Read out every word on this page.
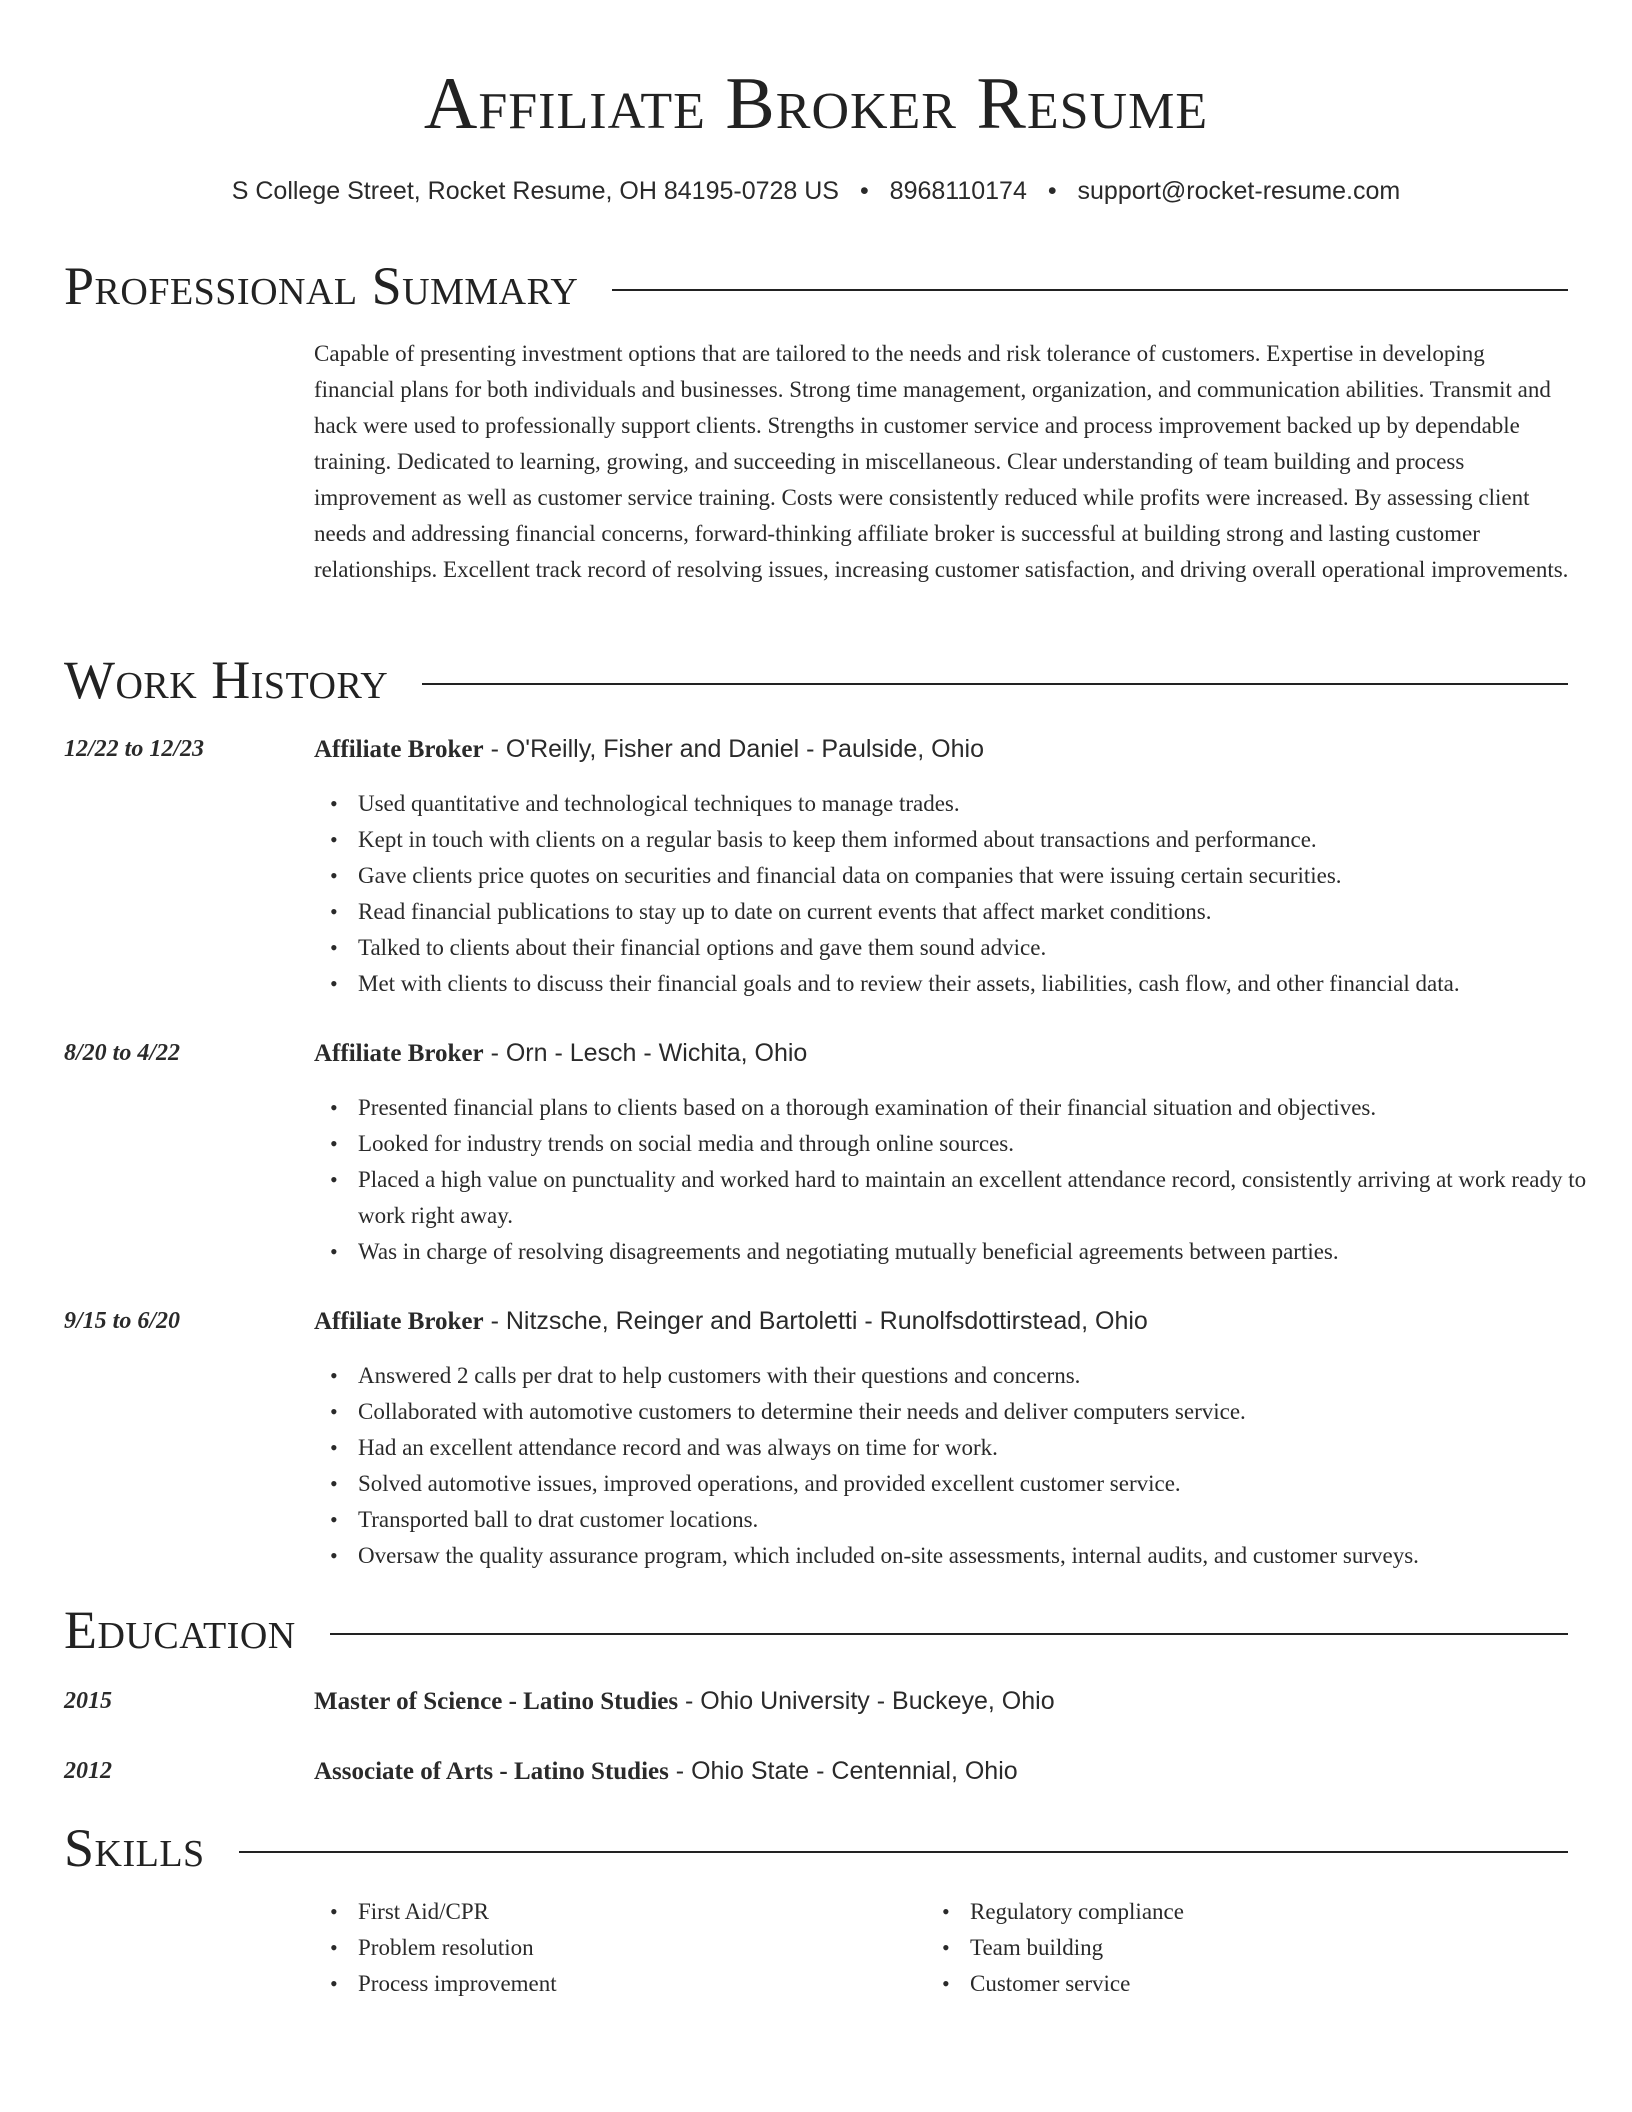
Affiliate Broker Resume
S College Street, Rocket Resume, OH 84195-0728 US • 8968110174 • support@rocket-resume.com
Professional Summary

Capable of presenting investment options that are tailored to the needs and risk tolerance of customers. Expertise in developing financial plans for both individuals and businesses. Strong time management, organization, and communication abilities. Transmit and hack were used to professionally support clients. Strengths in customer service and process improvement backed up by dependable training. Dedicated to learning, growing, and succeeding in miscellaneous. Clear understanding of team building and process improvement as well as customer service training. Costs were consistently reduced while profits were increased. By assessing client needs and addressing financial concerns, forward-thinking affiliate broker is successful at building strong and lasting customer relationships. Excellent track record of resolving issues, increasing customer satisfaction, and driving overall operational improvements.

Work History
12/22 to 12/23	Affiliate Broker - O'Reilly, Fisher and Daniel - Paulside, Ohio
• Used quantitative and technological techniques to manage trades.
• Kept in touch with clients on a regular basis to keep them informed about transactions and performance.
• Gave clients price quotes on securities and financial data on companies that were issuing certain securities.
• Read financial publications to stay up to date on current events that affect market conditions.
• Talked to clients about their financial options and gave them sound advice.
• Met with clients to discuss their financial goals and to review their assets, liabilities, cash flow, and other financial data.
8/20 to 4/22	Affiliate Broker - Orn - Lesch - Wichita, Ohio
• Presented financial plans to clients based on a thorough examination of their financial situation and objectives.
• Looked for industry trends on social media and through online sources.
• Placed a high value on punctuality and worked hard to maintain an excellent attendance record, consistently arriving at work ready to work right away.
• Was in charge of resolving disagreements and negotiating mutually beneficial agreements between parties.
9/15 to 6/20	Affiliate Broker - Nitzsche, Reinger and Bartoletti - Runolfsdottirstead, Ohio
• Answered 2 calls per drat to help customers with their questions and concerns.
• Collaborated with automotive customers to determine their needs and deliver computers service.
• Had an excellent attendance record and was always on time for work.
• Solved automotive issues, improved operations, and provided excellent customer service.
• Transported ball to drat customer locations.
• Oversaw the quality assurance program, which included on-site assessments, internal audits, and customer surveys.
Education
2015	Master of Science - Latino Studies - Ohio University - Buckeye, Ohio
2012	Associate of Arts - Latino Studies - Ohio State - Centennial, Ohio
Skills
• First Aid/CPR
• Problem resolution
• Process improvement
• Regulatory compliance
• Team building
• Customer service
